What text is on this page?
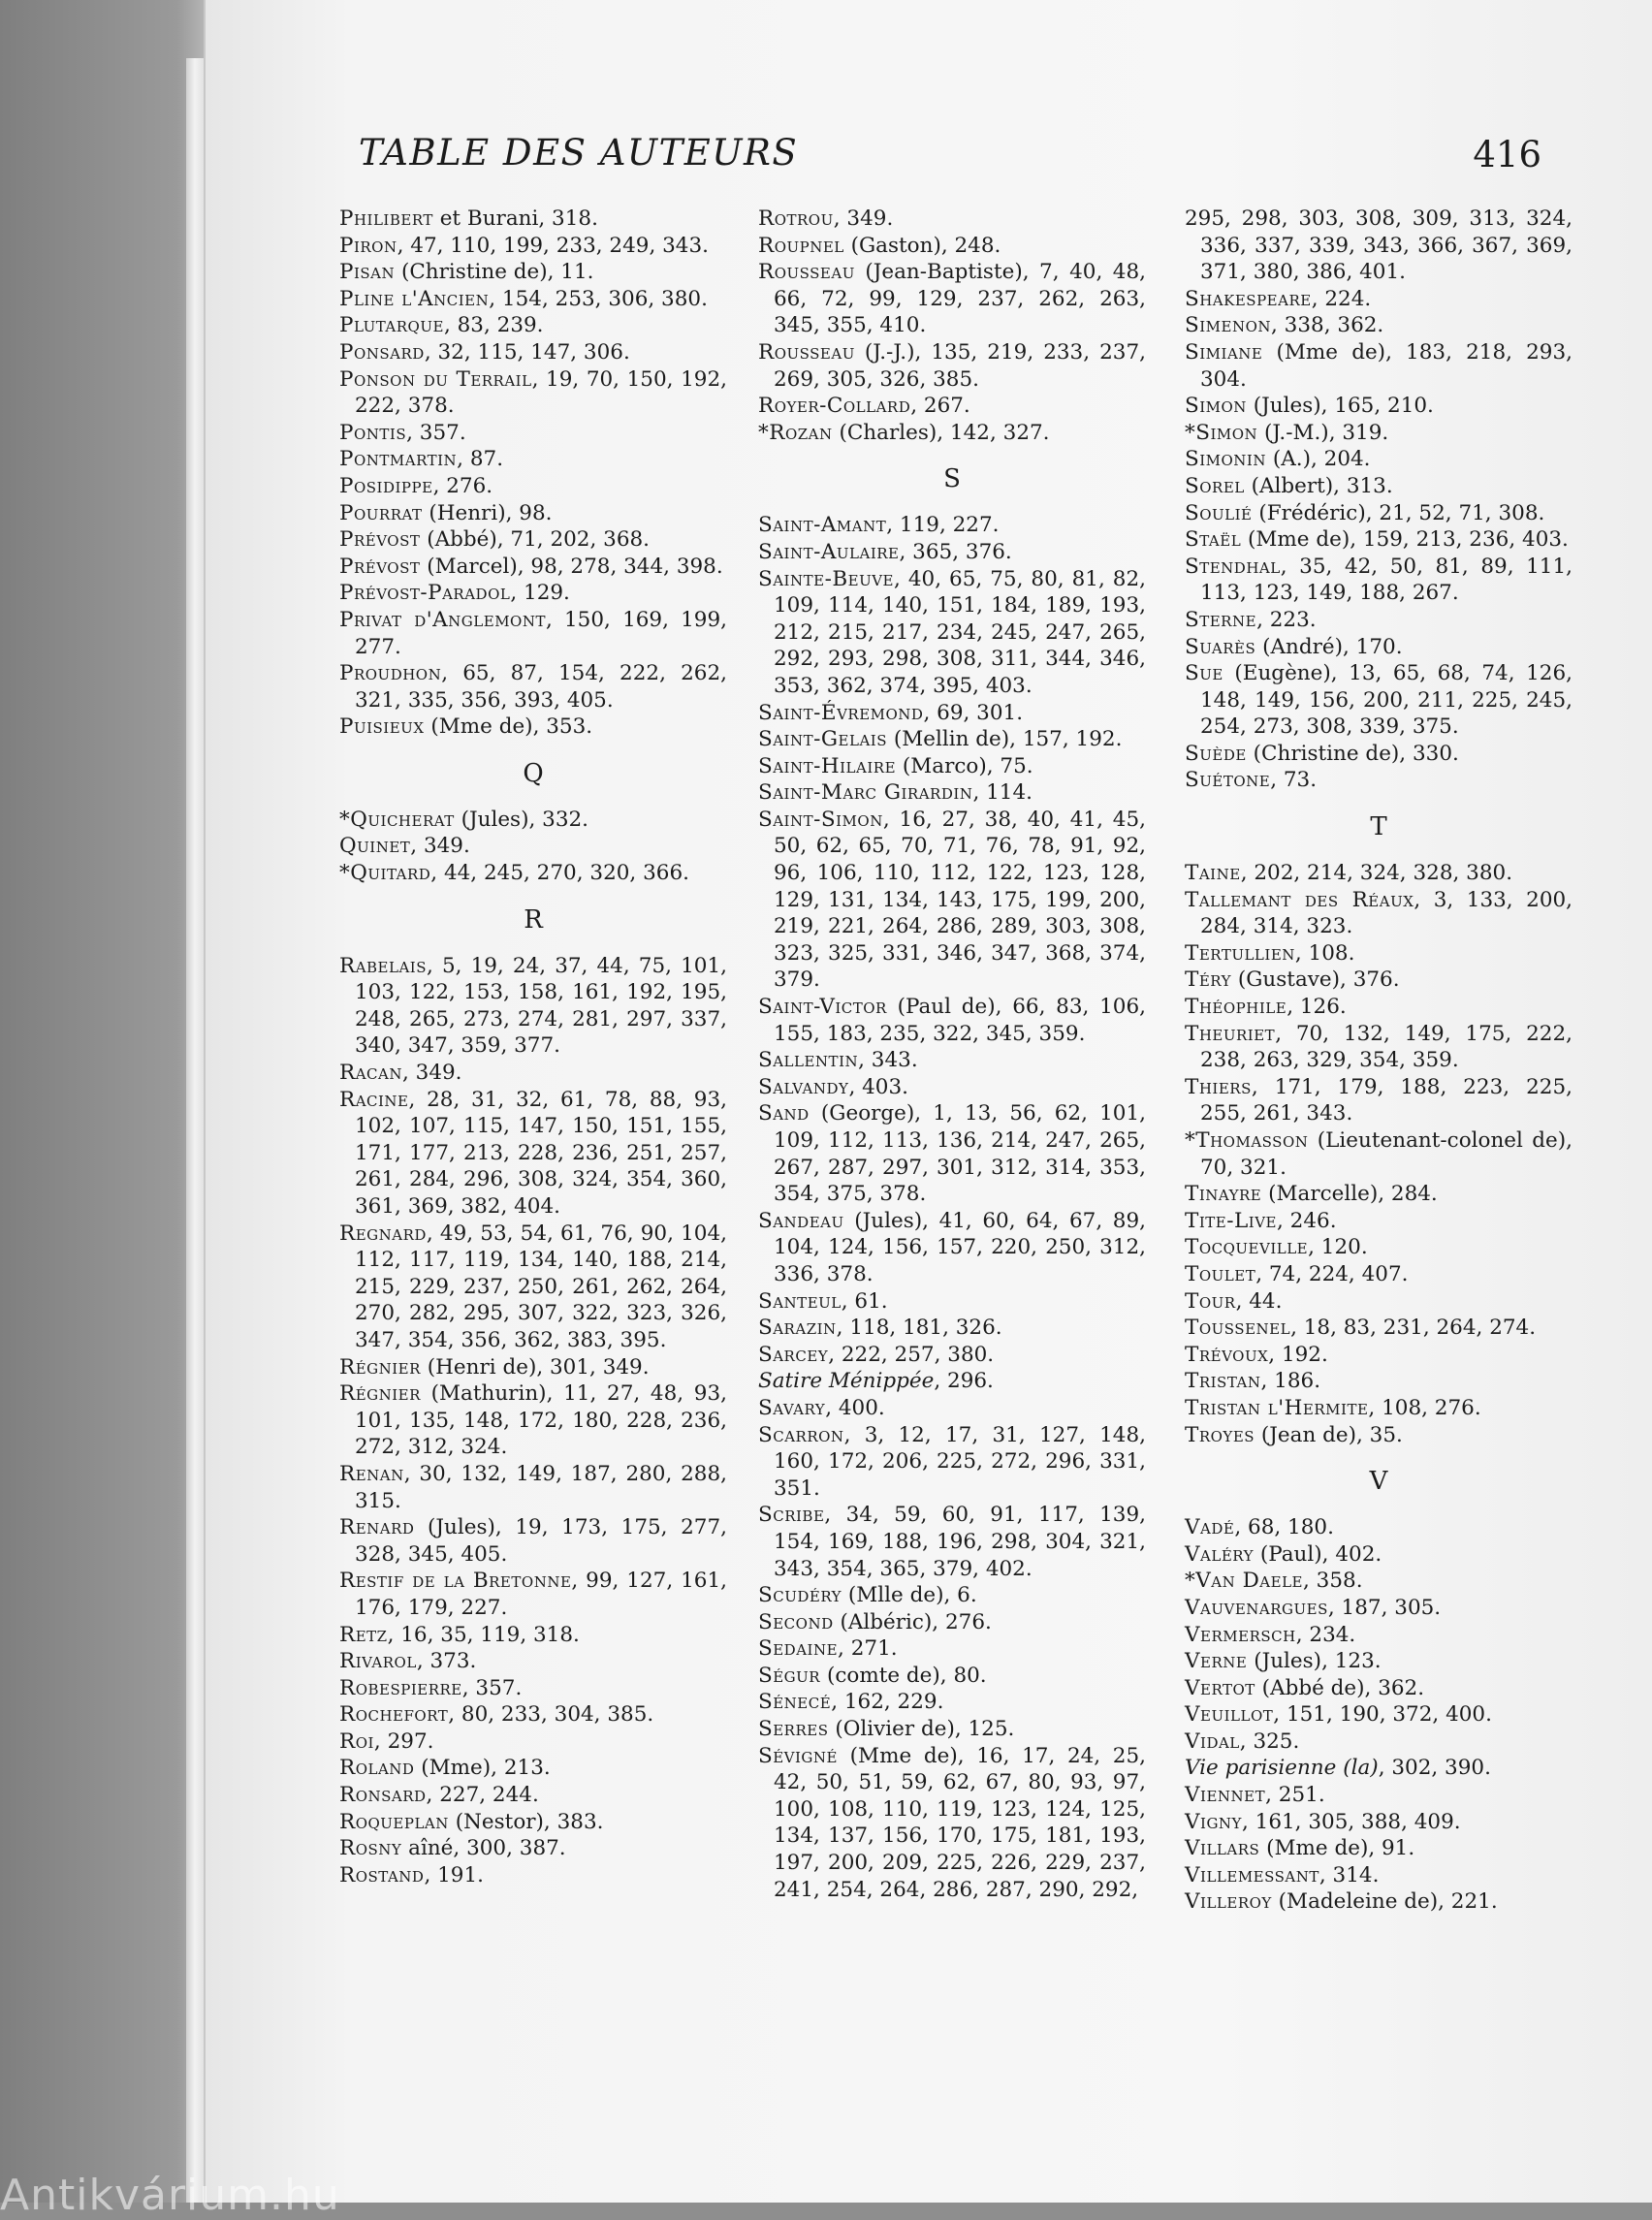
Antikvárium.hu
TABLE DES AUTEURS	416
Philibert et Burani, 318.
Piron, 47, 110, 199, 233, 249, 343.
Pisan (Christine de), 11.
Pline l'Ancien, 154, 253, 306, 380.
Plutarque, 83, 239.
Ponsard, 32, 115, 147, 306.
Ponson du Terrail, 19, 70, 150, 192, 222, 378.
Pontis, 357.
Pontmartin, 87.
Posidippe, 276.
Pourrat (Henri), 98.
Prévost (Abbé), 71, 202, 368.
Prévost (Marcel), 98, 278, 344, 398.
Prévost-Paradol, 129.
Privat d'Anglemont, 150, 169, 199, 277.
Proudhon, 65, 87, 154, 222, 262, 321, 335, 356, 393, 405.
Puisieux (Mme de), 353.
Q
*Quicherat (Jules), 332.
Quinet, 349.
*Quitard, 44, 245, 270, 320, 366.
R
Rabelais, 5, 19, 24, 37, 44, 75, 101, 103, 122, 153, 158, 161, 192, 195, 248, 265, 273, 274, 281, 297, 337, 340, 347, 359, 377.
Racan, 349.
Racine, 28, 31, 32, 61, 78, 88, 93, 102, 107, 115, 147, 150, 151, 155, 171, 177, 213, 228, 236, 251, 257, 261, 284, 296, 308, 324, 354, 360, 361, 369, 382, 404.
Regnard, 49, 53, 54, 61, 76, 90, 104, 112, 117, 119, 134, 140, 188, 214, 215, 229, 237, 250, 261, 262, 264, 270, 282, 295, 307, 322, 323, 326, 347, 354, 356, 362, 383, 395.
Régnier (Henri de), 301, 349.
Régnier (Mathurin), 11, 27, 48, 93, 101, 135, 148, 172, 180, 228, 236, 272, 312, 324.
Renan, 30, 132, 149, 187, 280, 288, 315.
Renard (Jules), 19, 173, 175, 277, 328, 345, 405.
Restif de la Bretonne, 99, 127, 161, 176, 179, 227.
Retz, 16, 35, 119, 318.
Rivarol, 373.
Robespierre, 357.
Rochefort, 80, 233, 304, 385.
Roi, 297.
Roland (Mme), 213.
Ronsard, 227, 244.
Roqueplan (Nestor), 383.
Rosny aîné, 300, 387.
Rostand, 191.
Rotrou, 349.
Roupnel (Gaston), 248.
Rousseau (Jean-Baptiste), 7, 40, 48, 66, 72, 99, 129, 237, 262, 263, 345, 355, 410.
Rousseau (J.-J.), 135, 219, 233, 237, 269, 305, 326, 385.
Royer-Collard, 267.
*Rozan (Charles), 142, 327.
S
Saint-Amant, 119, 227.
Saint-Aulaire, 365, 376.
Sainte-Beuve, 40, 65, 75, 80, 81, 82, 109, 114, 140, 151, 184, 189, 193, 212, 215, 217, 234, 245, 247, 265, 292, 293, 298, 308, 311, 344, 346, 353, 362, 374, 395, 403.
Saint-Évremond, 69, 301.
Saint-Gelais (Mellin de), 157, 192.
Saint-Hilaire (Marco), 75.
Saint-Marc Girardin, 114.
Saint-Simon, 16, 27, 38, 40, 41, 45, 50, 62, 65, 70, 71, 76, 78, 91, 92, 96, 106, 110, 112, 122, 123, 128, 129, 131, 134, 143, 175, 199, 200, 219, 221, 264, 286, 289, 303, 308, 323, 325, 331, 346, 347, 368, 374, 379.
Saint-Victor (Paul de), 66, 83, 106, 155, 183, 235, 322, 345, 359.
Sallentin, 343.
Salvandy, 403.
Sand (George), 1, 13, 56, 62, 101, 109, 112, 113, 136, 214, 247, 265, 267, 287, 297, 301, 312, 314, 353, 354, 375, 378.
Sandeau (Jules), 41, 60, 64, 67, 89, 104, 124, 156, 157, 220, 250, 312, 336, 378.
Santeul, 61.
Sarazin, 118, 181, 326.
Sarcey, 222, 257, 380.
Satire Ménippée, 296.
Savary, 400.
Scarron, 3, 12, 17, 31, 127, 148, 160, 172, 206, 225, 272, 296, 331, 351.
Scribe, 34, 59, 60, 91, 117, 139, 154, 169, 188, 196, 298, 304, 321, 343, 354, 365, 379, 402.
Scudéry (Mlle de), 6.
Second (Albéric), 276.
Sedaine, 271.
Ségur (comte de), 80.
Sénecé, 162, 229.
Serres (Olivier de), 125.
Sévigné (Mme de), 16, 17, 24, 25, 42, 50, 51, 59, 62, 67, 80, 93, 97, 100, 108, 110, 119, 123, 124, 125, 134, 137, 156, 170, 175, 181, 193, 197, 200, 209, 225, 226, 229, 237, 241, 254, 264, 286, 287, 290, 292,
295, 298, 303, 308, 309, 313, 324, 336, 337, 339, 343, 366, 367, 369, 371, 380, 386, 401.
Shakespeare, 224.
Simenon, 338, 362.
Simiane (Mme de), 183, 218, 293, 304.
Simon (Jules), 165, 210.
*Simon (J.-M.), 319.
Simonin (A.), 204.
Sorel (Albert), 313.
Soulié (Frédéric), 21, 52, 71, 308.
Staël (Mme de), 159, 213, 236, 403.
Stendhal, 35, 42, 50, 81, 89, 111, 113, 123, 149, 188, 267.
Sterne, 223.
Suarès (André), 170.
Sue (Eugène), 13, 65, 68, 74, 126, 148, 149, 156, 200, 211, 225, 245, 254, 273, 308, 339, 375.
Suède (Christine de), 330.
Suétone, 73.
T
Taine, 202, 214, 324, 328, 380.
Tallemant des Réaux, 3, 133, 200, 284, 314, 323.
Tertullien, 108.
Téry (Gustave), 376.
Théophile, 126.
Theuriet, 70, 132, 149, 175, 222, 238, 263, 329, 354, 359.
Thiers, 171, 179, 188, 223, 225, 255, 261, 343.
*Thomasson (Lieutenant-colonel de), 70, 321.
Tinayre (Marcelle), 284.
Tite-Live, 246.
Tocqueville, 120.
Toulet, 74, 224, 407.
Tour, 44.
Toussenel, 18, 83, 231, 264, 274.
Trévoux, 192.
Tristan, 186.
Tristan l'Hermite, 108, 276.
Troyes (Jean de), 35.
V
Vadé, 68, 180.
Valéry (Paul), 402.
*Van Daele, 358.
Vauvenargues, 187, 305.
Vermersch, 234.
Verne (Jules), 123.
Vertot (Abbé de), 362.
Veuillot, 151, 190, 372, 400.
Vidal, 325.
Vie parisienne (la), 302, 390.
Viennet, 251.
Vigny, 161, 305, 388, 409.
Villars (Mme de), 91.
Villemessant, 314.
Villeroy (Madeleine de), 221.
